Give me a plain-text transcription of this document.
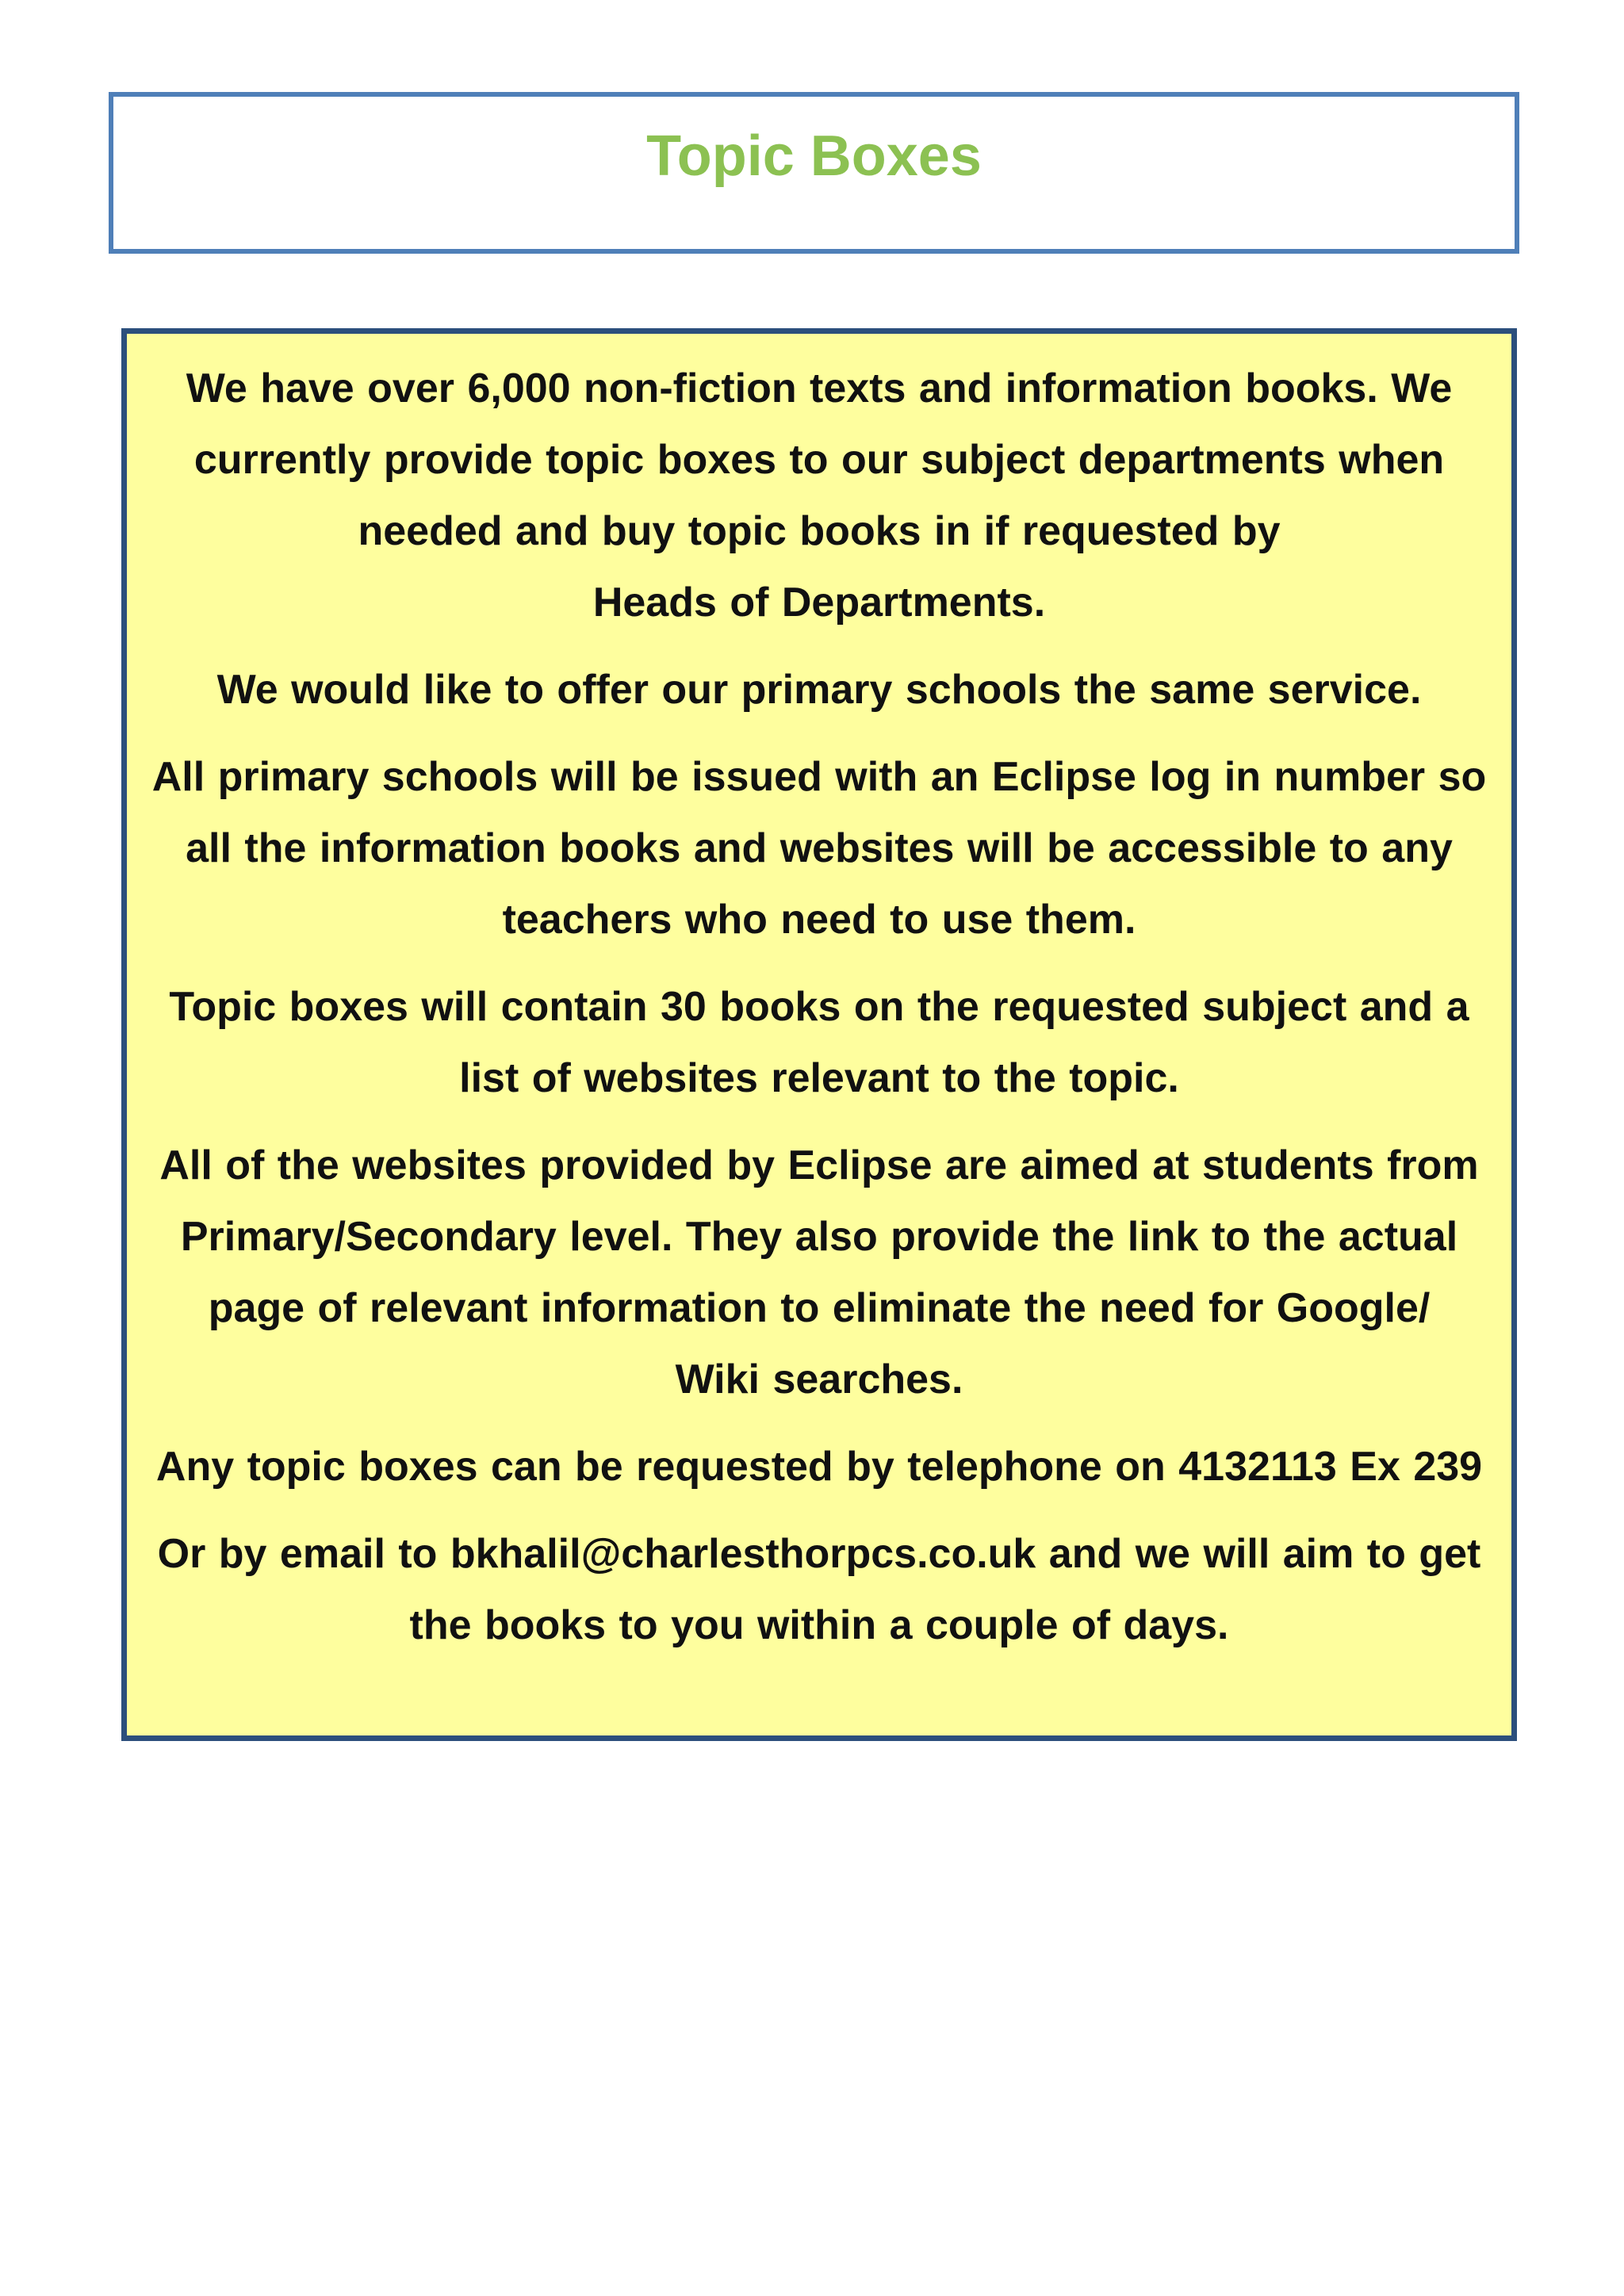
Topic Boxes

We have over 6,000 non-fiction texts and information books. We
currently provide topic boxes to our subject departments when
needed and buy topic books in if requested by
Heads of Departments.

We would like to offer our primary schools the same service.

All primary schools will be issued with an Eclipse log in number so
all the information books and websites will be accessible to any
teachers who need to use them.

Topic boxes will contain 30 books on the requested subject and a
list of websites relevant to the topic.

All of the websites provided by Eclipse are aimed at students from
Primary/Secondary level. They also provide the link to the actual
page of relevant information to eliminate the need for Google/
Wiki searches.

Any topic boxes can be requested by telephone on 4132113 Ex 239

Or by email to bkhalil@charlesthorpcs.co.uk and we will aim to get
the books to you within a couple of days.
